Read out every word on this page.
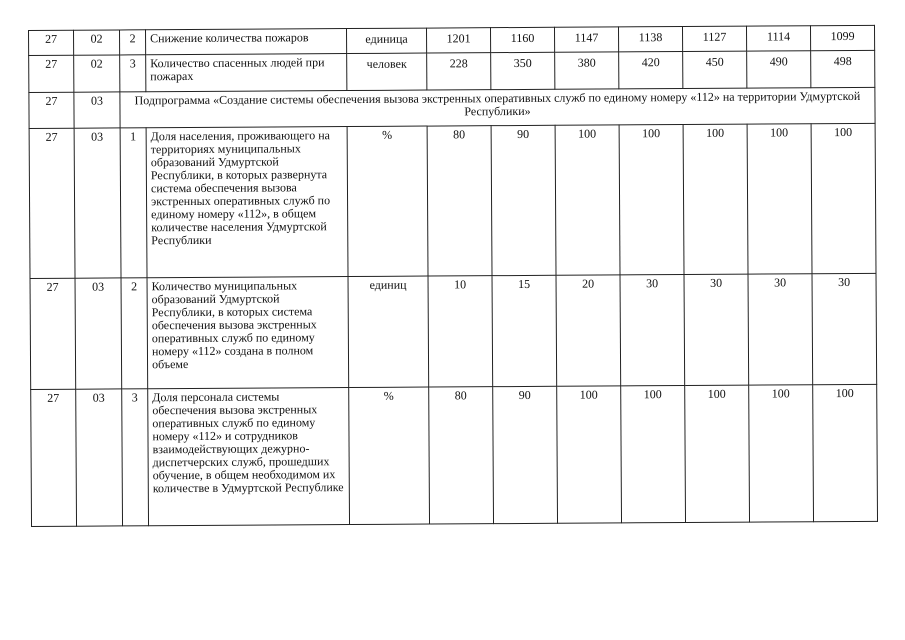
27	02	2	Снижение количества пожаров	единица	1201	1160	1147	1138	1127	1114	1099
27	02	3	Количество спасенных людей при пожарах	человек	228	350	380	420	450	490	498
27	03	Подпрограмма «Создание системы обеспечения вызова экстренных оперативных служб по единому номеру «112» на территории Удмуртской Республики»									
27	03	1	Доля населения, проживающего на территориях муниципальных образований Удмуртской Республики, в которых развернута система обеспечения вызова экстренных оперативных служб по единому номеру «112», в общем количестве населения Удмуртской Республики	%	80	90	100	100	100	100	100
27	03	2	Количество муниципальных образований Удмуртской Республики, в которых система обеспечения вызова экстренных оперативных служб по единому номеру «112» создана в полном объеме	единиц	10	15	20	30	30	30	30
27	03	3	Доля персонала системы обеспечения вызова экстренных оперативных служб по единому номеру «112» и сотрудников взаимодействующих дежурно-диспетчерских служб, прошедших обучение, в общем необходимом их количестве в Удмуртской Республике	%	80	90	100	100	100	100	100
